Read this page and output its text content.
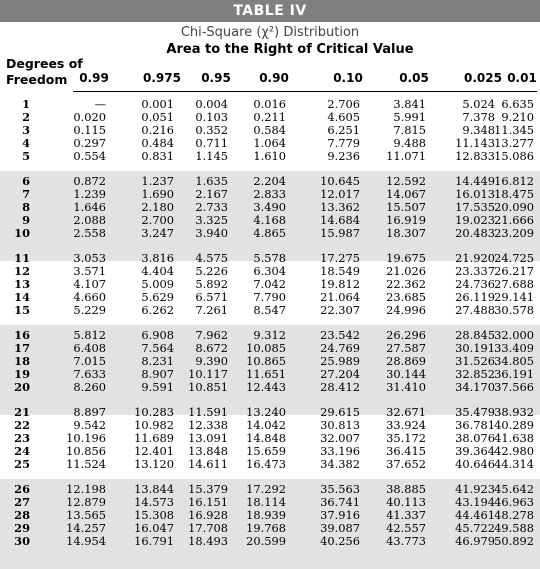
TABLE IV
Chi-Square (χ²) Distribution
Area to the Right of Critical Value
Degrees of
Freedom 0.99	0.975	0.95	0.90	0.10	0.05	0.025 0.01
1	—	0.001 0.004 0.016	2.706	3.841	5.024 6.635
2	0.020	0.051 0.103 0.211	4.605	5.991	7.378 9.210
3	0.115	0.216 0.352 0.584	6.251	7.815	9.348 11.345
4	0.297	0.484 0.711 1.064	7.779	9.488	11.143 13.277
5	0.554	0.831 1.145 1.610	9.236 11.071	12.833 15.086
6	0.872	1.237 1.635 2.204	10.645 12.592	14.449 16.812
7	1.239	1.690 2.167 2.833	12.017 14.067	16.013 18.475
8	1.646	2.180 2.733 3.490	13.362 15.507	17.535 20.090
9	2.088	2.700 3.325 4.168	14.684 16.919	19.023 21.666
10	2.558	3.247 3.940 4.865	15.987 18.307	20.483 23.209
11	3.053	3.816 4.575 5.578	17.275 19.675	21.920 24.725
12	3.571	4.404 5.226 6.304	18.549 21.026	23.337 26.217
13	4.107	5.009 5.892 7.042	19.812 22.362	24.736 27.688
14	4.660	5.629 6.571 7.790	21.064 23.685	26.119 29.141
15	5.229	6.262 7.261 8.547	22.307 24.996	27.488 30.578
16	5.812	6.908 7.962 9.312	23.542 26.296	28.845 32.000
17	6.408	7.564 8.672 10.085	24.769 27.587	30.191 33.409
18	7.015	8.231 9.390 10.865	25.989 28.869	31.526 34.805
19	7.633	8.907 10.117 11.651	27.204 30.144	32.852 36.191
20	8.260	9.591 10.851 12.443	28.412 31.410	34.170 37.566
21	8.897 10.283 11.591 13.240	29.615 32.671	35.479 38.932
22	9.542 10.982 12.338 14.042	30.813 33.924	36.781 40.289
23	10.196 11.689 13.091 14.848	32.007 35.172	38.076 41.638
24	10.856 12.401 13.848 15.659	33.196 36.415	39.364 42.980
25	11.524 13.120 14.611 16.473	34.382 37.652	40.646 44.314
26	12.198 13.844 15.379 17.292	35.563 38.885	41.923 45.642
27	12.879 14.573 16.151 18.114	36.741 40.113	43.194 46.963
28	13.565 15.308 16.928 18.939	37.916 41.337	44.461 48.278
29	14.257 16.047 17.708 19.768	39.087 42.557	45.722 49.588
30	14.954 16.791 18.493 20.599	40.256 43.773	46.979 50.892
